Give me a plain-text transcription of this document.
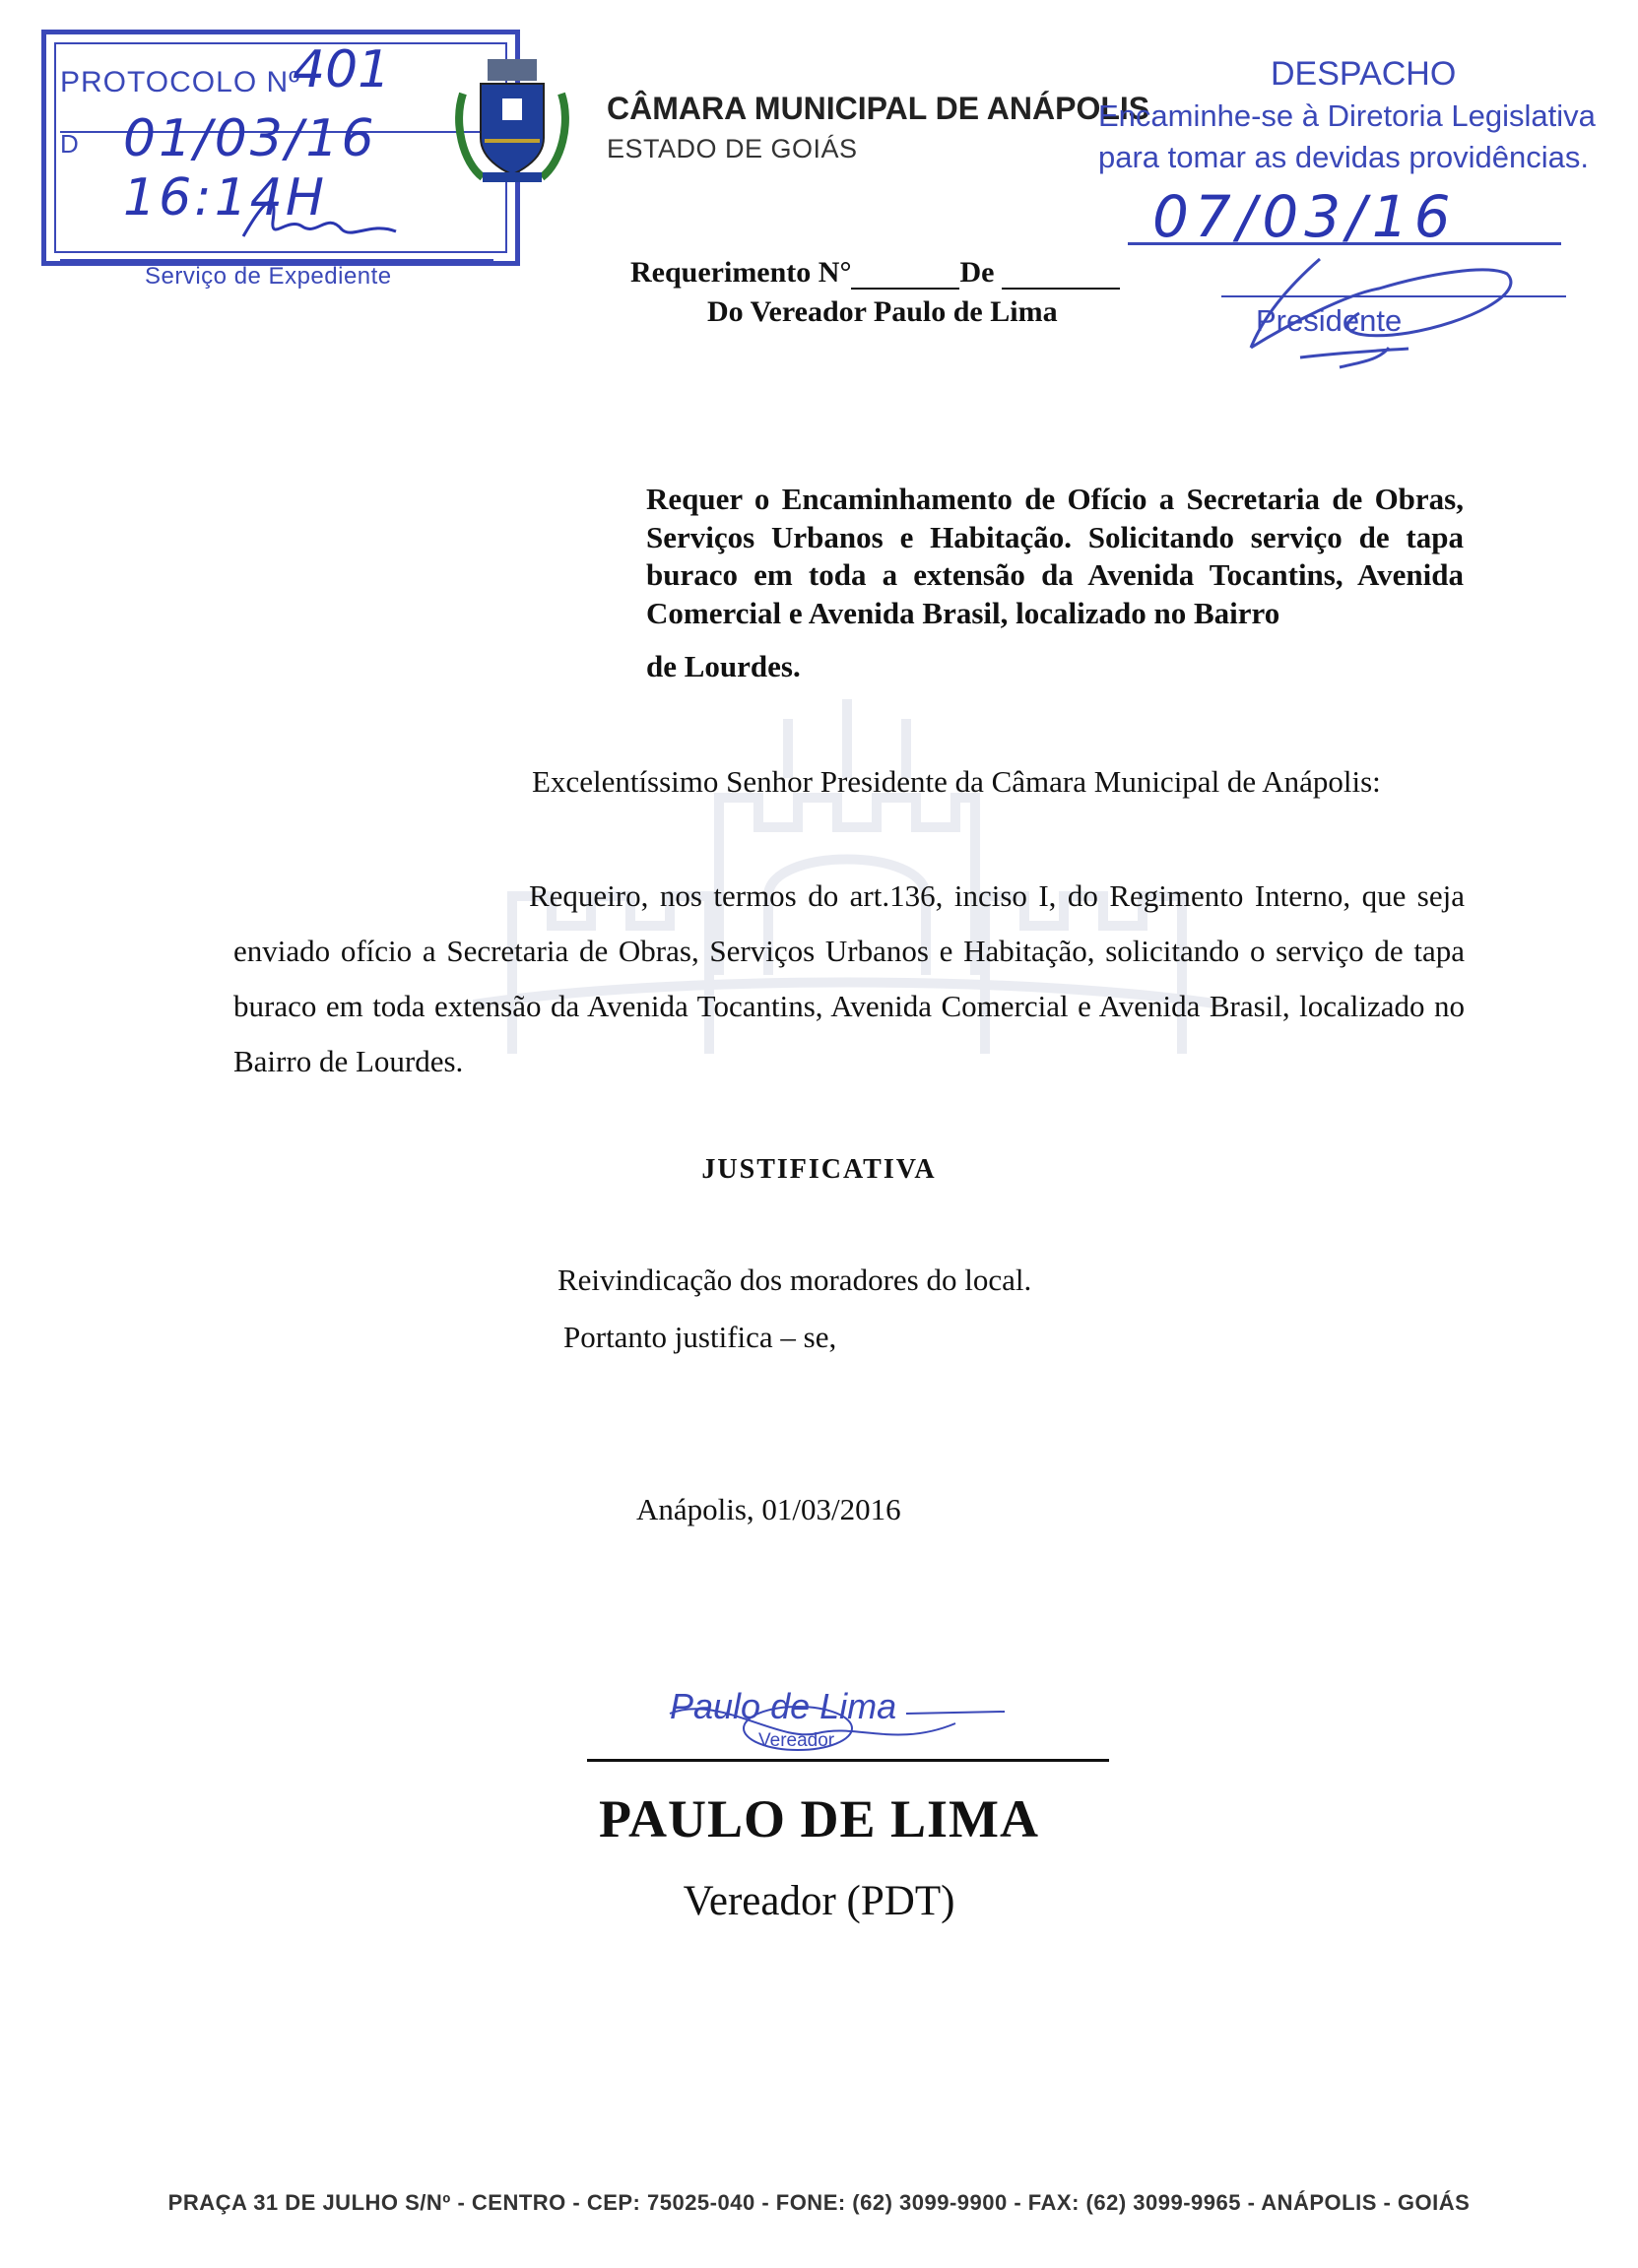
PROTOCOLO Nº
401
D 01/03/16 16:14H
Serviço de Expediente
CÂMARA MUNICIPAL DE ANÁPOLIS
ESTADO DE GOIÁS
DESPACHO
Encaminhe-se à Diretoria Legislativa
para tomar as devidas providências.
07/03/16
Presidente
Requerimento N°	De
Do Vereador Paulo de Lima
Requer o Encaminhamento de Ofício a Secretaria de Obras, Serviços Urbanos e Habitação. Solicitando serviço de tapa buraco em toda a extensão da Avenida Tocantins, Avenida Comercial e Avenida Brasil, localizado no Bairro
de Lourdes.
Excelentíssimo Senhor Presidente da Câmara Municipal de Anápolis:
Requeiro, nos termos do art.136, inciso I, do Regimento Interno, que seja enviado ofício a Secretaria de Obras, Serviços Urbanos e Habitação, solicitando o serviço de tapa buraco em toda extensão da Avenida Tocantins, Avenida Comercial e Avenida Brasil, localizado no Bairro de Lourdes.
JUSTIFICATIVA
Reivindicação dos moradores do local.
Portanto justifica – se,
Anápolis, 01/03/2016
Paulo de Lima
Vereador
PAULO DE LIMA
Vereador (PDT)
PRAÇA 31 DE JULHO S/Nº - CENTRO - CEP: 75025-040 - FONE: (62) 3099-9900 - FAX: (62) 3099-9965 - ANÁPOLIS - GOIÁS
